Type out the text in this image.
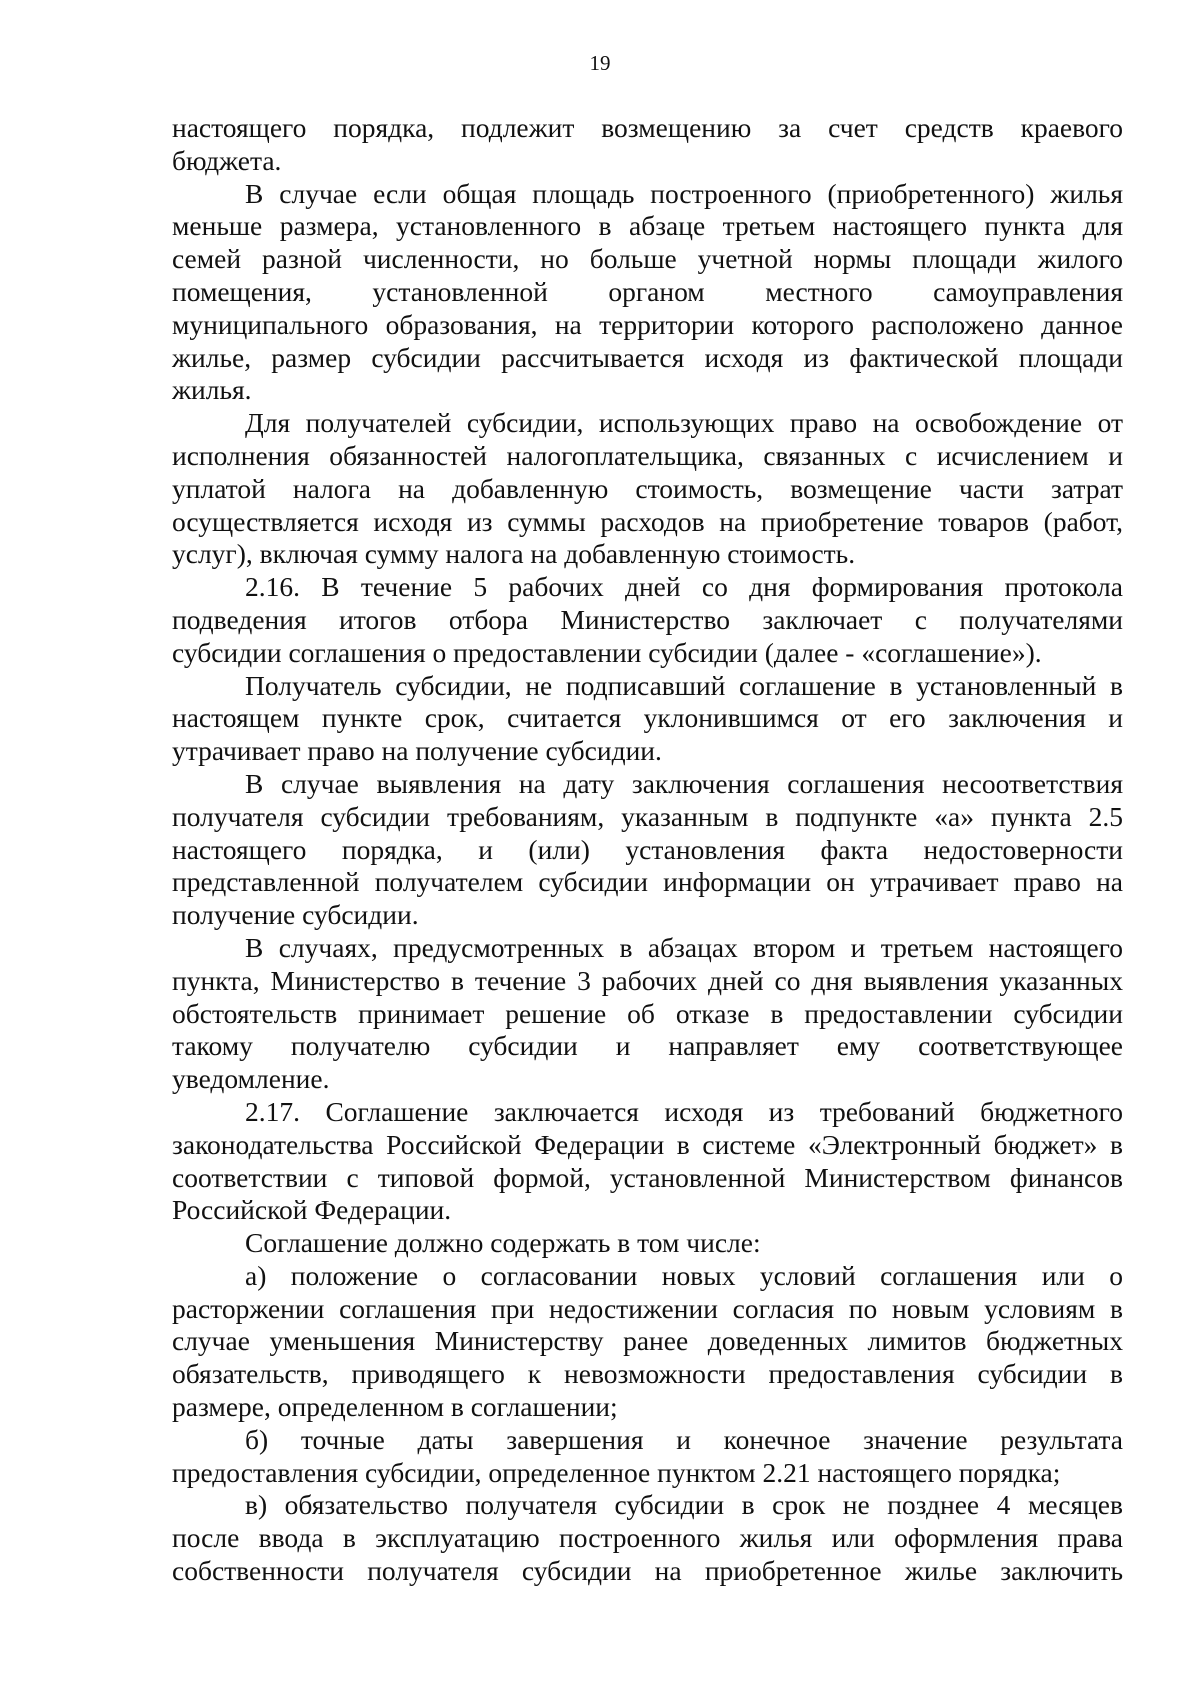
19

настоящего порядка, подлежит возмещению за счет средств краевого
бюджета.

В случае если общая площадь построенного (приобретенного) жилья
меньше размера, установленного в абзаце третьем настоящего пункта для
семей разной численности, но больше учетной нормы площади жилого
помещения, установленной органом местного самоуправления
муниципального образования, на территории которого расположено данное
жилье, размер субсидии рассчитывается исходя из фактической площади
жилья.

Для получателей субсидии, использующих право на освобождение от
исполнения обязанностей налогоплательщика, связанных с исчислением и
уплатой налога на добавленную стоимость, возмещение части затрат
осуществляется исходя из суммы расходов на приобретение товаров (работ,
услуг), включая сумму налога на добавленную стоимость.

2.16. В течение 5 рабочих дней со дня формирования протокола
подведения итогов отбора Министерство заключает с получателями
субсидии соглашения о предоставлении субсидии (далее - «соглашение»).

Получатель субсидии, не подписавший соглашение в установленный в
настоящем пункте срок, считается уклонившимся от его заключения и
утрачивает право на получение субсидии.

В случае выявления на дату заключения соглашения несоответствия
получателя субсидии требованиям, указанным в подпункте «а» пункта 2.5
настоящего порядка, и (или) установления факта недостоверности
представленной получателем субсидии информации он утрачивает право на
получение субсидии.

В случаях, предусмотренных в абзацах втором и третьем настоящего
пункта, Министерство в течение 3 рабочих дней со дня выявления указанных
обстоятельств принимает решение об отказе в предоставлении субсидии
такому получателю субсидии и направляет ему соответствующее
уведомление.

2.17. Соглашение заключается исходя из требований бюджетного
законодательства Российской Федерации в системе «Электронный бюджет» в
соответствии с типовой формой, установленной Министерством финансов
Российской Федерации.

Соглашение должно содержать в том числе:

а) положение о согласовании новых условий соглашения или о
расторжении соглашения при недостижении согласия по новым условиям в
случае уменьшения Министерству ранее доведенных лимитов бюджетных
обязательств, приводящего к невозможности предоставления субсидии в
размере, определенном в соглашении;

б) точные даты завершения и конечное значение результата
предоставления субсидии, определенное пунктом 2.21 настоящего порядка;

в) обязательство получателя субсидии в срок не позднее 4 месяцев
после ввода в эксплуатацию построенного жилья или оформления права
собственности получателя субсидии на приобретенное жилье заключить
